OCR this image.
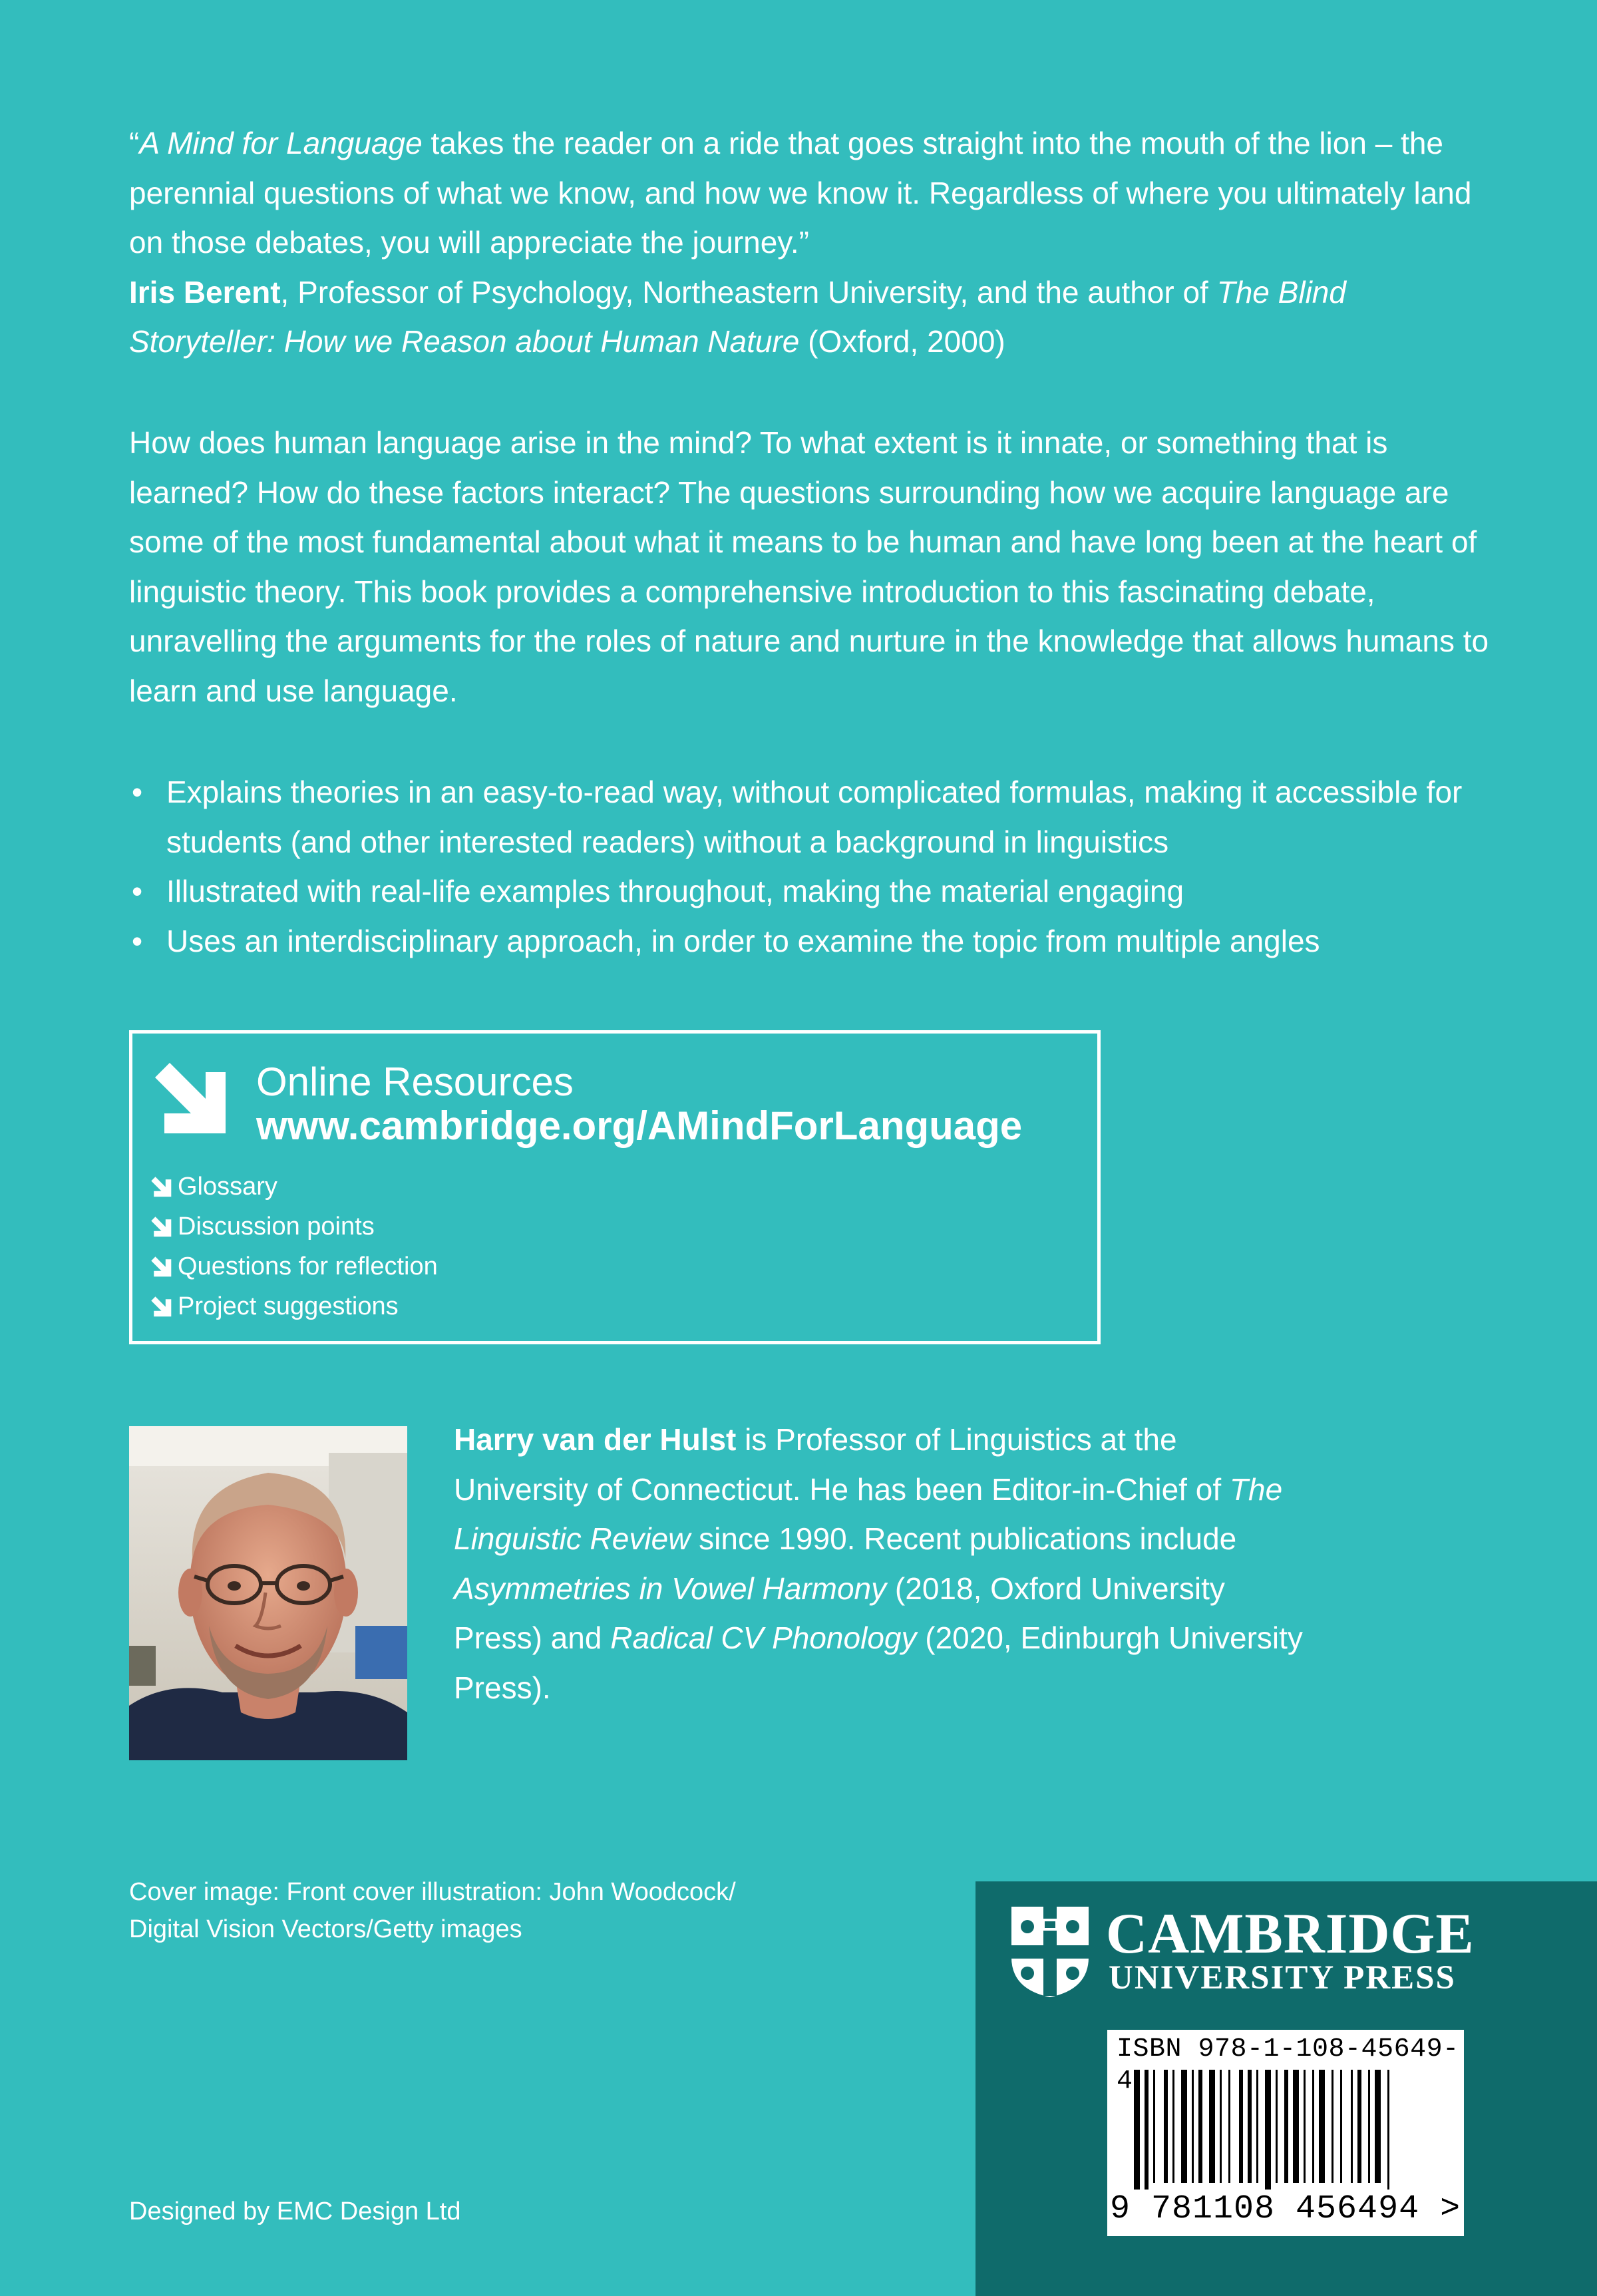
“A Mind for Language takes the reader on a ride that goes straight into the mouth of the lion – the perennial questions of what we know, and how we know it. Regardless of where you ultimately land on those debates, you will appreciate the journey.”
Iris Berent, Professor of Psychology, Northeastern University, and the author of The Blind Storyteller: How we Reason about Human Nature (Oxford, 2000)

How does human language arise in the mind? To what extent is it innate, or something that is learned? How do these factors interact? The questions surrounding how we acquire language are some of the most fundamental about what it means to be human and have long been at the heart of linguistic theory. This book provides a comprehensive introduction to this fascinating debate, unravelling the arguments for the roles of nature and nurture in the knowledge that allows humans to learn and use language.

• Explains theories in an easy-to-read way, without complicated formulas, making it accessible for students (and other interested readers) without a background in linguistics
• Illustrated with real-life examples throughout, making the material engaging
• Uses an interdisciplinary approach, in order to examine the topic from multiple angles
Online Resources
www.cambridge.org/AMindForLanguage
Glossary
Discussion points
Questions for reflection
Project suggestions

Harry van der Hulst is Professor of Linguistics at the University of Connecticut. He has been Editor-in-Chief of The Linguistic Review since 1990. Recent publications include Asymmetries in Vowel Harmony (2018, Oxford University Press) and Radical CV Phonology (2020, Edinburgh University Press).

Cover image: Front cover illustration: John Woodcock/
Digital Vision Vectors/Getty images
Designed by EMC Design Ltd
CAMBRIDGE
UNIVERSITY PRESS
ISBN 978-1-108-45649-4
9 781108 456494 >
